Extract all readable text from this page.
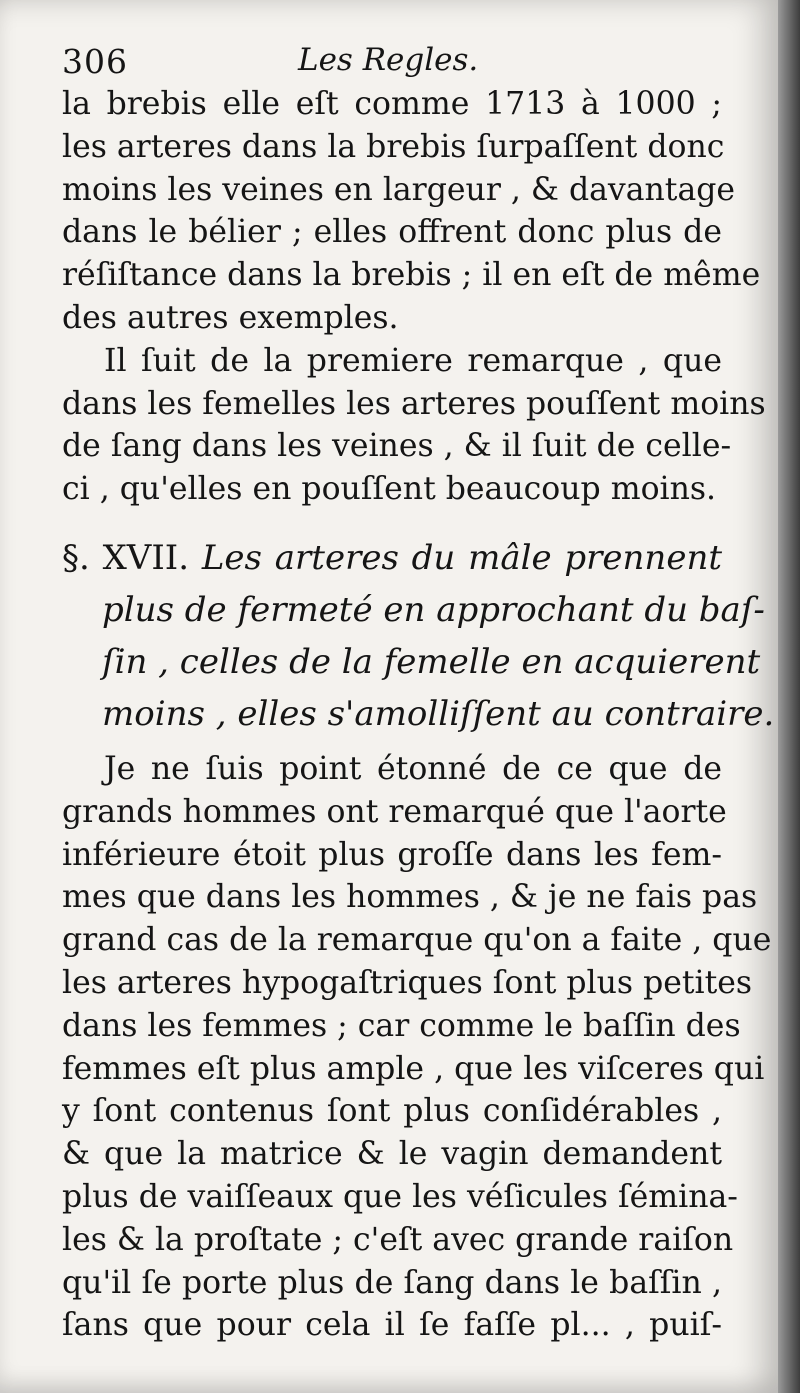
306	Les Regles.
la brebis elle eſt comme 1713 à 1000 ;
les arteres dans la brebis ſurpaſſent donc
moins les veines en largeur , & davantage
dans le bélier ; elles offrent donc plus de
réſiſtance dans la brebis ; il en eſt de même
des autres exemples.
Il ſuit de la premiere remarque , que
dans les femelles les arteres pouſſent moins
de ſang dans les veines , & il ſuit de celle-
ci , qu'elles en pouſſent beaucoup moins.
§. XVII. Les arteres du mâle prennent
plus de fermeté en approchant du baſ-
ſin , celles de la femelle en acquierent
moins , elles s'amolliſſent au contraire.
Je ne ſuis point étonné de ce que de
grands hommes ont remarqué que l'aorte
inférieure étoit plus groſſe dans les fem-
mes que dans les hommes , & je ne fais pas
grand cas de la remarque qu'on a faite , que
les arteres hypogaſtriques ſont plus petites
dans les femmes ; car comme le baſſin des
femmes eſt plus ample , que les viſceres qui
y ſont contenus ſont plus conſidérables ,
& que la matrice & le vagin demandent
plus de vaiſſeaux que les véſicules ſémina-
les & la proſtate ; c'eſt avec grande raiſon
qu'il ſe porte plus de ſang dans le baſſin ,
ſans que pour cela il ſe faſſe pl... , puiſ-
